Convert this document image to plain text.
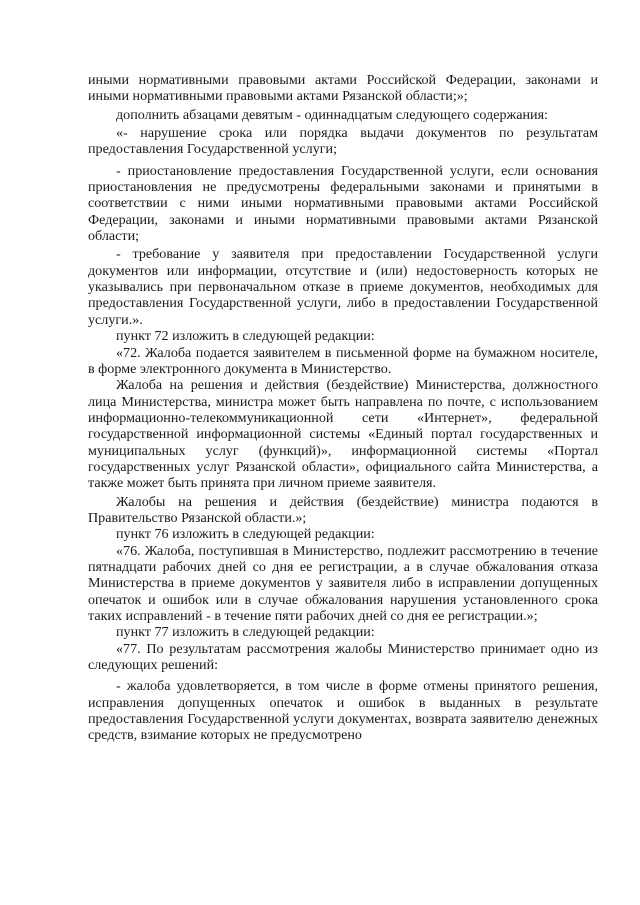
иными нормативными правовыми актами Российской Федерации, законами и иными нормативными правовыми актами Рязанской области;»;

дополнить абзацами девятым - одиннадцатым следующего содержания:

«- нарушение срока или порядка выдачи документов по результатам предоставления Государственной услуги;

- приостановление предоставления Государственной услуги, если основания приостановления не предусмотрены федеральными законами и принятыми в соответствии с ними иными нормативными правовыми актами Российской Федерации, законами и иными нормативными правовыми актами Рязанской области;

- требование у заявителя при предоставлении Государственной услуги документов или информации, отсутствие и (или) недостоверность которых не указывались при первоначальном отказе в приеме документов, необходимых для предоставления Государственной услуги, либо в предоставлении Государственной услуги.».

пункт 72 изложить в следующей редакции:

«72. Жалоба подается заявителем в письменной форме на бумажном носителе, в форме электронного документа в Министерство.

Жалоба на решения и действия (бездействие) Министерства, должностного лица Министерства, министра может быть направлена по почте, с использованием информационно-телекоммуникационной сети «Интернет», федеральной государственной информационной системы «Единый портал государственных и муниципальных услуг (функций)», информационной системы «Портал государственных услуг Рязанской области», официального сайта Министерства, а также может быть принята при личном приеме заявителя.

Жалобы на решения и действия (бездействие) министра подаются в Правительство Рязанской области.»;

пункт 76 изложить в следующей редакции:

«76. Жалоба, поступившая в Министерство, подлежит рассмотрению в течение пятнадцати рабочих дней со дня ее регистрации, а в случае обжалования отказа Министерства в приеме документов у заявителя либо в исправлении допущенных опечаток и ошибок или в случае обжалования нарушения установленного срока таких исправлений - в течение пяти рабочих дней со дня ее регистрации.»;

пункт 77 изложить в следующей редакции:

«77. По результатам рассмотрения жалобы Министерство принимает одно из следующих решений:

- жалоба удовлетворяется, в том числе в форме отмены принятого решения, исправления допущенных опечаток и ошибок в выданных в результате предоставления Государственной услуги документах, возврата заявителю денежных средств, взимание которых не предусмотрено
